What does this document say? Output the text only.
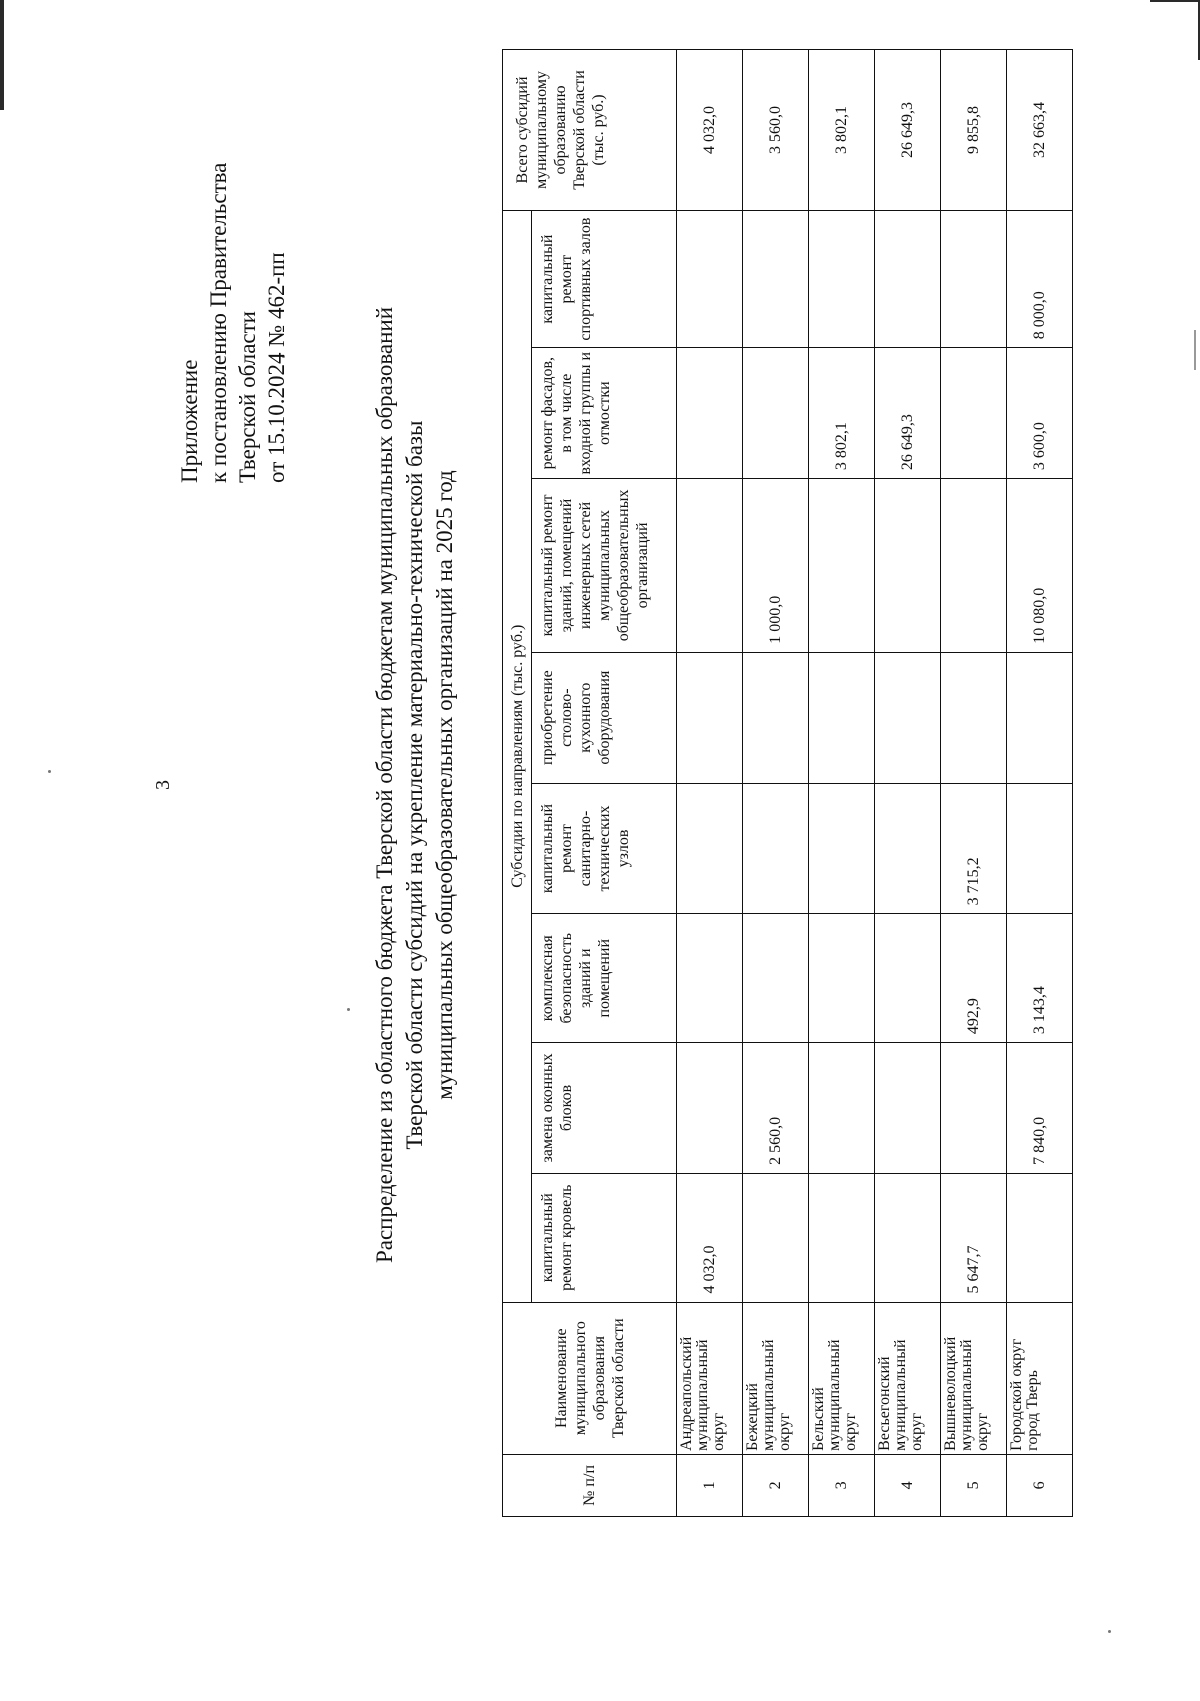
3
Приложение к постановлению Правительства Тверской области от 15.10.2024 № 462-пп	Распределение из областного бюджета Тверской области бюджетам муниципальных образований Тверской области субсидий на укрепление материально-технической базы муниципальных общеобразовательных организаций на 2025 год
№ п/п	Наименование муниципального образования Тверской области	Субсидии по направлениям (тыс. руб.)								Всего субсидий муниципальному образованию Тверской области (тыс. руб.)
		капитальный ремонт кровель	замена оконных блоков	комплексная безопасность зданий и помещений	капитальный ремонт санитарно-технических узлов	приобретение столово-кухонного оборудования	капитальный ремонт зданий, помещений инженерных сетей муниципальных общеобразовательных организаций	ремонт фасадов, в том числе входной группы и отмостки	капитальный ремонт спортивных залов	
1	Андреапольский муниципальный округ	4 032,0								4 032,0
2	Бежецкий муниципальный округ		2 560,0				1 000,0			3 560,0
3	Бельский муниципальный округ							3 802,1		3 802,1
4	Весьегонский муниципальный округ							26 649,3		26 649,3
5	Вышневолоцкий муниципальный округ	5 647,7		492,9	3 715,2					9 855,8
6	Городской округ город Тверь		7 840,0	3 143,4			10 080,0	3 600,0	8 000,0	32 663,4
